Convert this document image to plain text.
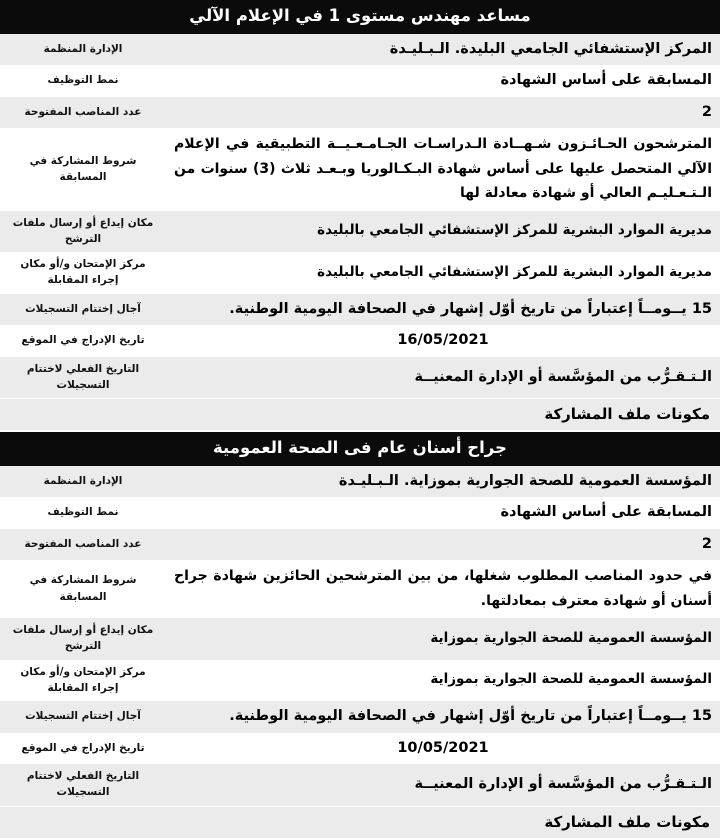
مساعد مهندس مستوى 1 في الإعلام الآلي
المركز الإستشفائي الجامعي البليدة. الـبـليـدة	الإدارة المنظمة
المسابقة على أساس الشهادة	نمط التوظيف
2	عدد المناصب المفتوحة
المترشحون الحـائـزون شـهــادة الـدراسـات الجـامـعـيــة التطبيقية في الإعلام الآلي المتحصل عليها على أساس شهادة البـكـالوريا وبـعـد ثلاث (3) سنوات من الـتـعـليـم العالي أو شهادة معادلة لها	شروط المشاركة في المسابقة
مديرية الموارد البشرية للمركز الإستشفائي الجامعي بالبليدة	مكان إيداع أو إرسال ملفات الترشح
مديرية الموارد البشرية للمركز الإستشفائي الجامعي بالبليدة	مركز الإمتحان و/أو مكان إجراء المقابلة
15 يــومــاً إعتباراً من تاريخ أوّل إشهار في الصحافة اليومية الوطنية.	آجال إختتام التسجيلات
16/05/2021	تاريخ الإدراج في الموقع
الـتـقـرُّب من المؤسَّسة أو الإدارة المعنيــة	التاريخ الفعلي لاختتام التسجيلات
مكونات ملف المشاركة
جراح أسنان عام فى الصحة العمومية
المؤسسة العمومية للصحة الجوارية بموزاية. الـبـليـدة	الإدارة المنظمة
المسابقة على أساس الشهادة	نمط التوظيف
2	عدد المناصب المفتوحة
في حدود المناصب المطلوب شغلها، من بين المترشحين الحائزين شهادة جراح أسنان أو شهادة معترف بمعادلتها.	شروط المشاركة في المسابقة
المؤسسة العمومية للصحة الجوارية بموزاية	مكان إيداع أو إرسال ملفات الترشح
المؤسسة العمومية للصحة الجوارية بموزاية	مركز الإمتحان و/أو مكان إجراء المقابلة
15 يــومــاً إعتباراً من تاريخ أوّل إشهار في الصحافة اليومية الوطنية.	آجال إختتام التسجيلات
10/05/2021	تاريخ الإدراج في الموقع
الـتـقـرُّب من المؤسَّسة أو الإدارة المعنيــة	التاريخ الفعلي لاختتام التسجيلات
مكونات ملف المشاركة
